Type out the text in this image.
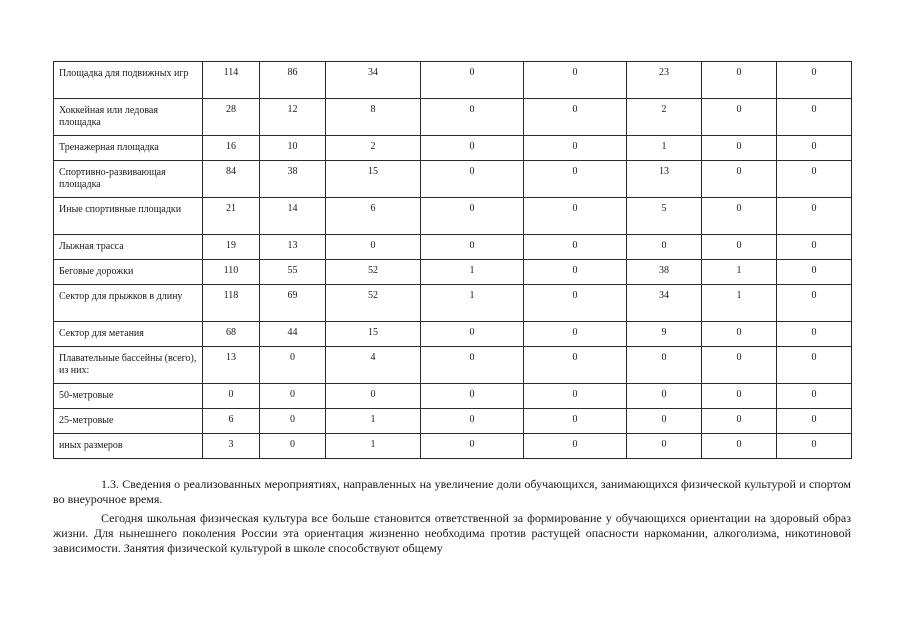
Площадка для подвижных игр	114	86	34	0	0	23	0	0
Хоккейная или ледовая площадка	28	12	8	0	0	2	0	0
Тренажерная площадка	16	10	2	0	0	1	0	0
Спортивно-развивающая площадка	84	38	15	0	0	13	0	0
Иные спортивные площадки	21	14	6	0	0	5	0	0
Лыжная трасса	19	13	0	0	0	0	0	0
Беговые дорожки	110	55	52	1	0	38	1	0
Сектор для прыжков в длину	118	69	52	1	0	34	1	0
Сектор для метания	68	44	15	0	0	9	0	0
Плавательные бассейны (всего), из них:	13	0	4	0	0	0	0	0
50-метровые	0	0	0	0	0	0	0	0
25-метровые	6	0	1	0	0	0	0	0
иных размеров	3	0	1	0	0	0	0	0

1.3. Сведения о реализованных мероприятиях, направленных на увеличение доли обучающихся, занимающихся физической культурой и спортом во внеурочное время.

Сегодня школьная физическая культура все больше становится ответственной за формирование у обучающихся ориентации на здоровый образ жизни. Для нынешнего поколения России эта ориентация жизненно необходима против растущей опасности наркомании, алкоголизма, никотиновой зависимости. Занятия физической культурой в школе способствуют общему
